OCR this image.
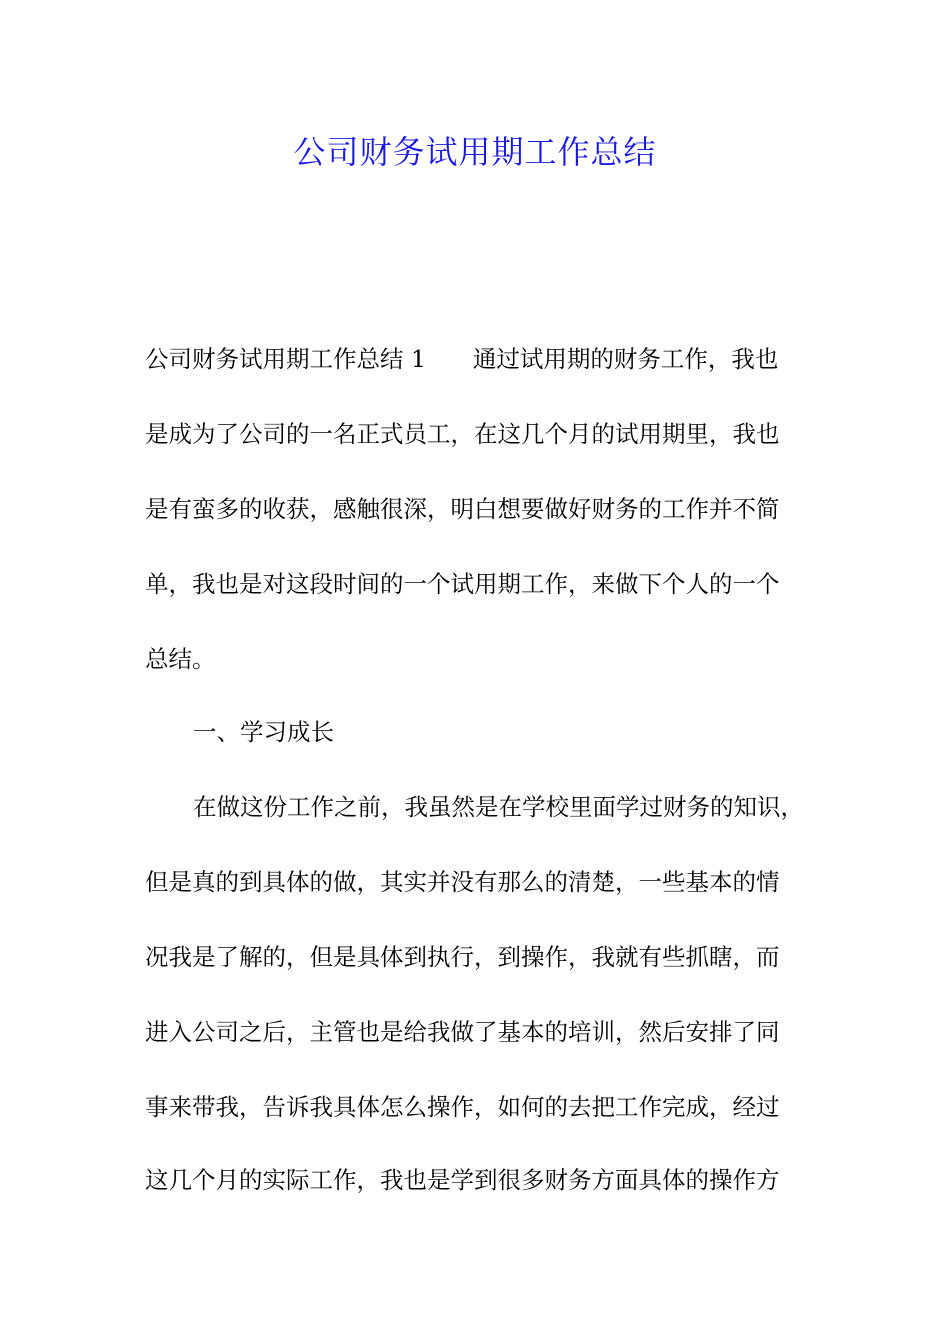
公司财务试用期工作总结
公司财务试用期工作总结 1　　通过试用期的财务工作，我也
是成为了公司的一名正式员工，在这几个月的试用期里，我也
是有蛮多的收获，感触很深，明白想要做好财务的工作并不简
单，我也是对这段时间的一个试用期工作，来做下个人的一个
总结。
一、学习成长
在做这份工作之前，我虽然是在学校里面学过财务的知识，
但是真的到具体的做，其实并没有那么的清楚，一些基本的情
况我是了解的，但是具体到执行，到操作，我就有些抓瞎，而
进入公司之后，主管也是给我做了基本的培训，然后安排了同
事来带我，告诉我具体怎么操作，如何的去把工作完成，经过
这几个月的实际工作，我也是学到很多财务方面具体的操作方
